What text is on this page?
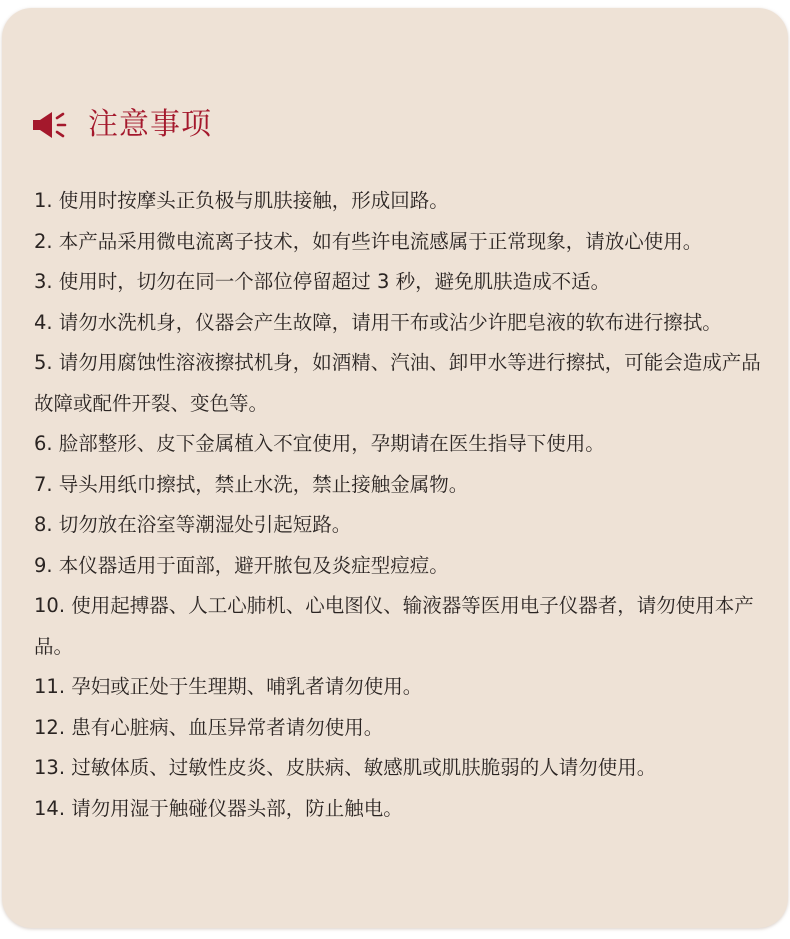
注意事项
1. 使用时按摩头正负极与肌肤接触，形成回路。
2. 本产品采用微电流离子技术，如有些许电流感属于正常现象，请放心使用。
3. 使用时，切勿在同一个部位停留超过 3 秒，避免肌肤造成不适。
4. 请勿水洗机身，仪器会产生故障，请用干布或沾少许肥皂液的软布进行擦拭。
5. 请勿用腐蚀性溶液擦拭机身，如酒精、汽油、卸甲水等进行擦拭，可能会造成产品故障或配件开裂、变色等。
6. 脸部整形、皮下金属植入不宜使用，孕期请在医生指导下使用。
7. 导头用纸巾擦拭，禁止水洗，禁止接触金属物。
8. 切勿放在浴室等潮湿处引起短路。
9. 本仪器适用于面部，避开脓包及炎症型痘痘。
10. 使用起搏器、人工心肺机、心电图仪、输液器等医用电子仪器者，请勿使用本产品。
11. 孕妇或正处于生理期、哺乳者请勿使用。
12. 患有心脏病、血压异常者请勿使用。
13. 过敏体质、过敏性皮炎、皮肤病、敏感肌或肌肤脆弱的人请勿使用。
14. 请勿用湿于触碰仪器头部，防止触电。
